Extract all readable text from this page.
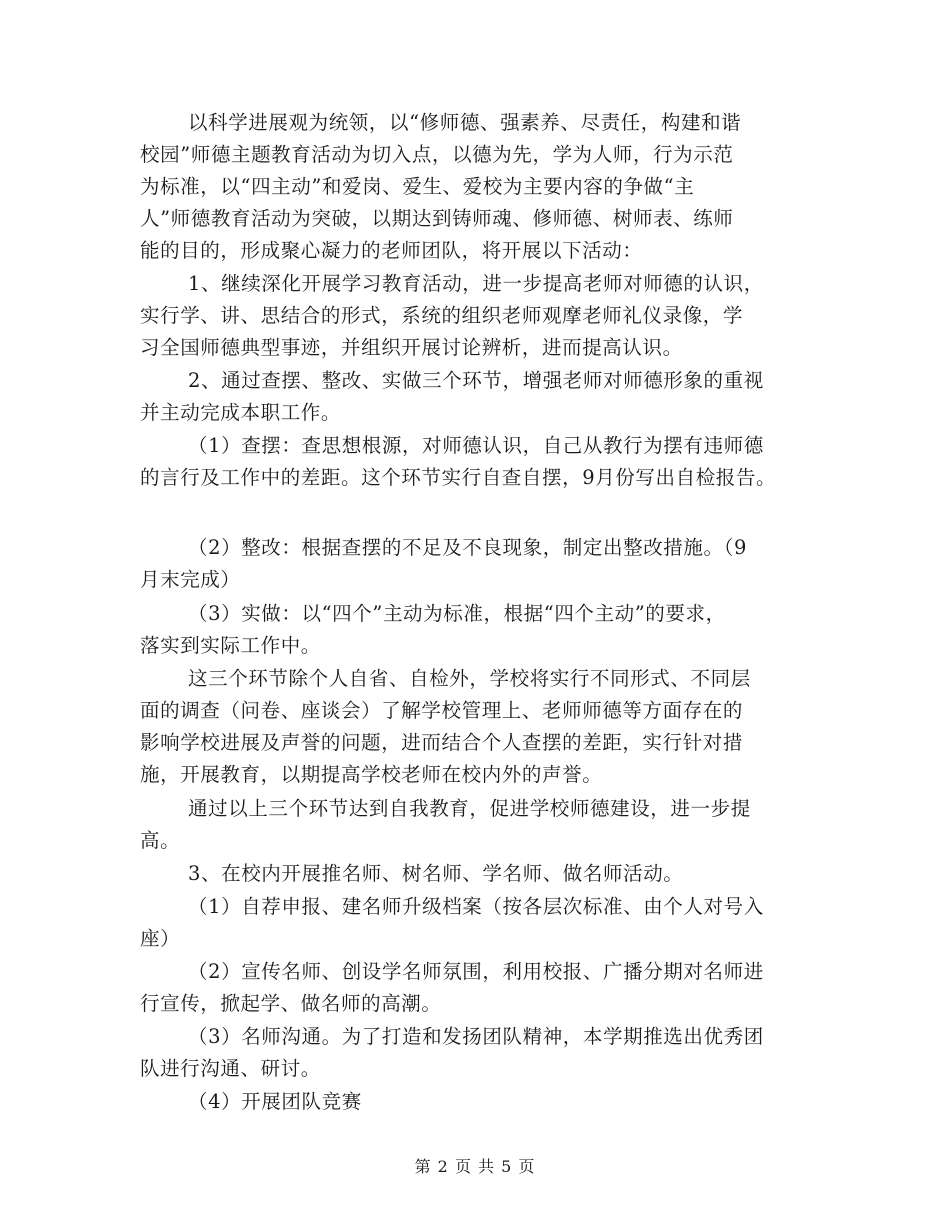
以科学进展观为统领，以“修师德、强素养、尽责任，构建和谐
校园”师德主题教育活动为切入点，以德为先，学为人师，行为示范
为标准，以“四主动”和爱岗、爱生、爱校为主要内容的争做“主
人”师德教育活动为突破，以期达到铸师魂、修师德、树师表、练师
能的目的，形成聚心凝力的老师团队，将开展以下活动：
1、继续深化开展学习教育活动，进一步提高老师对师德的认识，
实行学、讲、思结合的形式，系统的组织老师观摩老师礼仪录像，学
习全国师德典型事迹，并组织开展讨论辨析，进而提高认识。
2、通过查摆、整改、实做三个环节，增强老师对师德形象的重视
并主动完成本职工作。
（1）查摆：查思想根源，对师德认识，自己从教行为摆有违师德
的言行及工作中的差距。这个环节实行自查自摆，9月份写出自检报告。
（2）整改：根据查摆的不足及不良现象，制定出整改措施。（9
月末完成）
（3）实做：以“四个”主动为标准，根据“四个主动”的要求，
落实到实际工作中。
这三个环节除个人自省、自检外，学校将实行不同形式、不同层
面的调查（问卷、座谈会）了解学校管理上、老师师德等方面存在的
影响学校进展及声誉的问题，进而结合个人查摆的差距，实行针对措
施，开展教育，以期提高学校老师在校内外的声誉。
通过以上三个环节达到自我教育，促进学校师德建设，进一步提
高。
3、在校内开展推名师、树名师、学名师、做名师活动。
（1）自荐申报、建名师升级档案（按各层次标准、由个人对号入
座）
（2）宣传名师、创设学名师氛围，利用校报、广播分期对名师进
行宣传，掀起学、做名师的高潮。
（3）名师沟通。为了打造和发扬团队精神，本学期推选出优秀团
队进行沟通、研讨。
（4）开展团队竞赛
第 2 页 共 5 页
